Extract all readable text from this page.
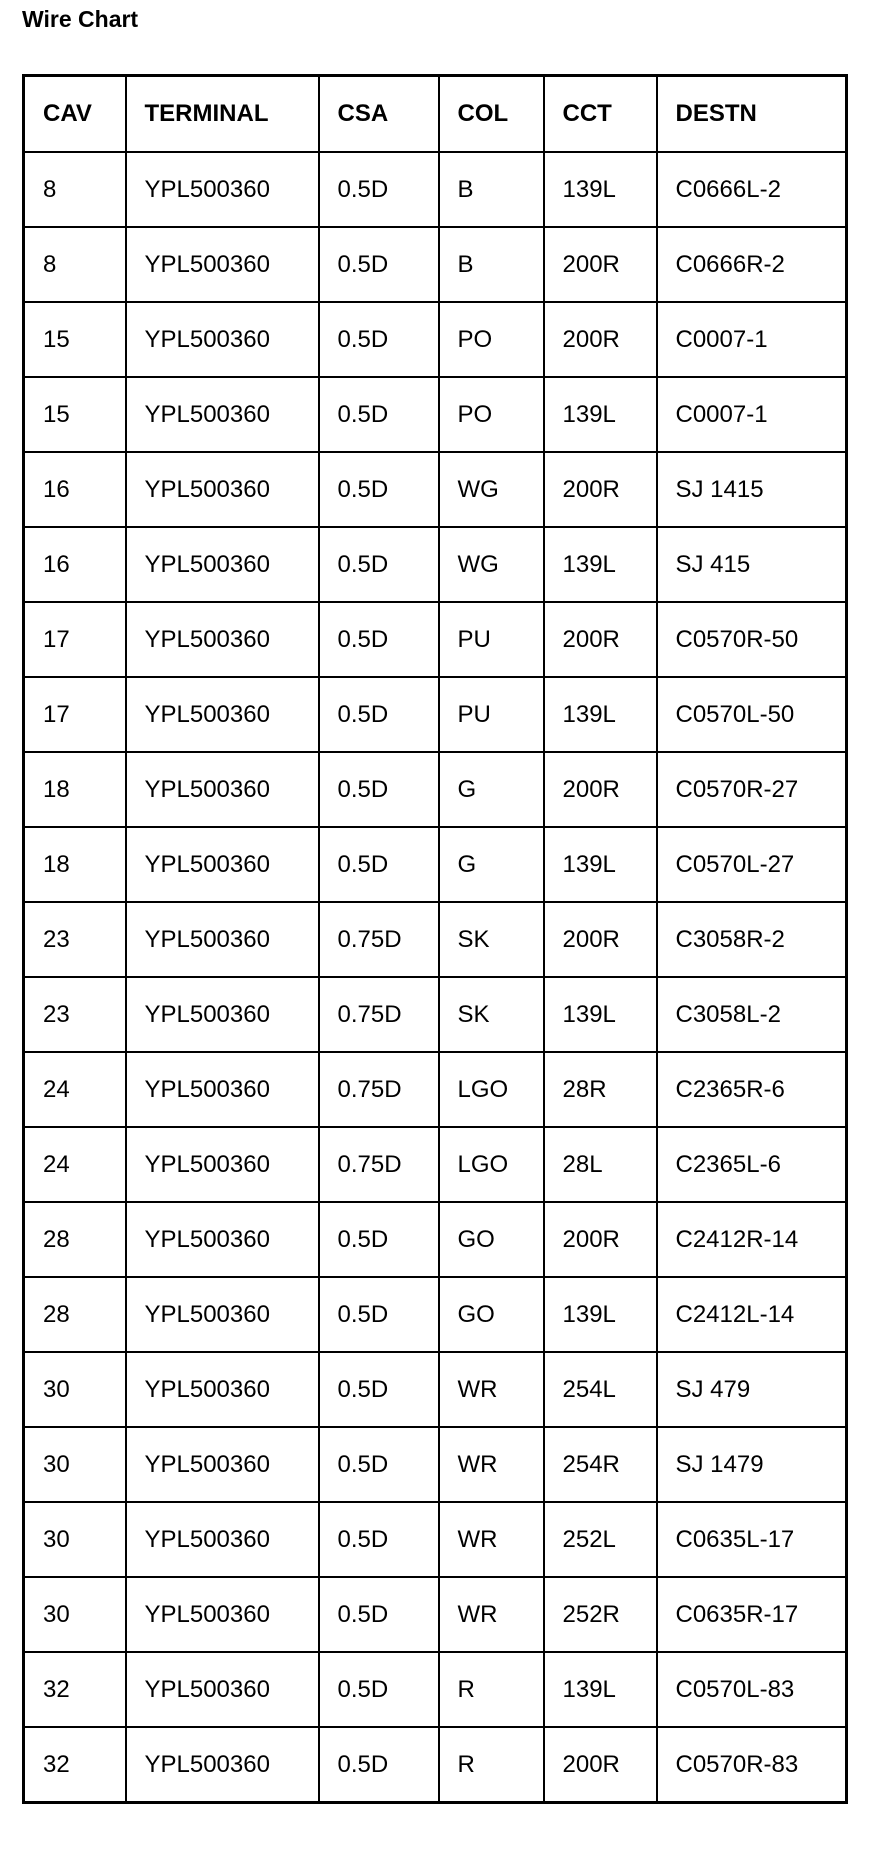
Wire Chart
CAV	TERMINAL	CSA	COL	CCT	DESTN
8	YPL500360	0.5D	B	139L	C0666L-2
8	YPL500360	0.5D	B	200R	C0666R-2
15	YPL500360	0.5D	PO	200R	C0007-1
15	YPL500360	0.5D	PO	139L	C0007-1
16	YPL500360	0.5D	WG	200R	SJ 1415
16	YPL500360	0.5D	WG	139L	SJ 415
17	YPL500360	0.5D	PU	200R	C0570R-50
17	YPL500360	0.5D	PU	139L	C0570L-50
18	YPL500360	0.5D	G	200R	C0570R-27
18	YPL500360	0.5D	G	139L	C0570L-27
23	YPL500360	0.75D	SK	200R	C3058R-2
23	YPL500360	0.75D	SK	139L	C3058L-2
24	YPL500360	0.75D	LGO	28R	C2365R-6
24	YPL500360	0.75D	LGO	28L	C2365L-6
28	YPL500360	0.5D	GO	200R	C2412R-14
28	YPL500360	0.5D	GO	139L	C2412L-14
30	YPL500360	0.5D	WR	254L	SJ 479
30	YPL500360	0.5D	WR	254R	SJ 1479
30	YPL500360	0.5D	WR	252L	C0635L-17
30	YPL500360	0.5D	WR	252R	C0635R-17
32	YPL500360	0.5D	R	139L	C0570L-83
32	YPL500360	0.5D	R	200R	C0570R-83
